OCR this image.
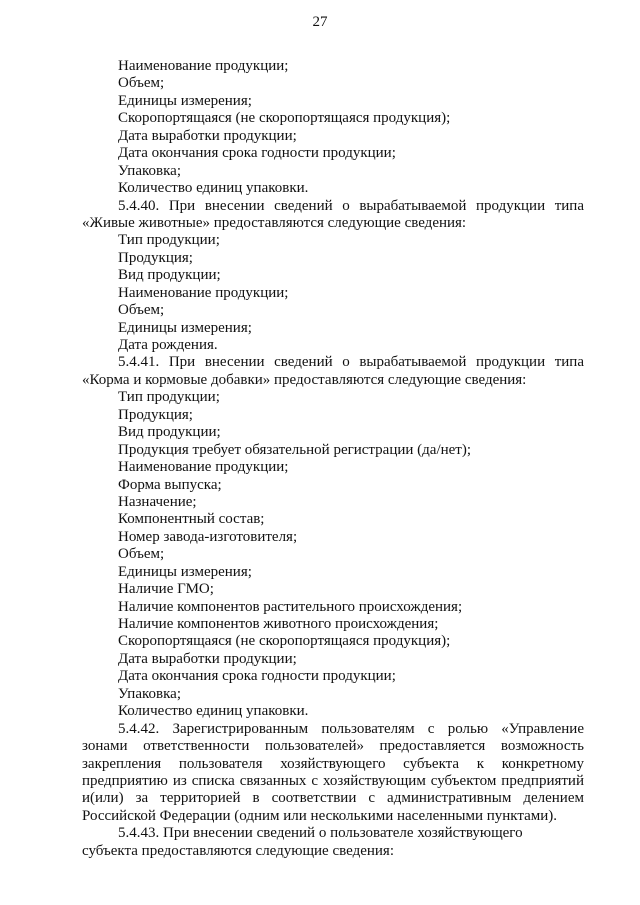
27
Наименование продукции;
Объем;
Единицы измерения;
Скоропортящаяся (не скоропортящаяся продукция);
Дата выработки продукции;
Дата окончания срока годности продукции;
Упаковка;
Количество единиц упаковки.
5.4.40. При внесении сведений о вырабатываемой продукции типа
«Живые животные» предоставляются следующие сведения:
Тип продукции;
Продукция;
Вид продукции;
Наименование продукции;
Объем;
Единицы измерения;
Дата рождения.
5.4.41. При внесении сведений о вырабатываемой продукции типа
«Корма и кормовые добавки» предоставляются следующие сведения:
Тип продукции;
Продукция;
Вид продукции;
Продукция требует обязательной регистрации (да/нет);
Наименование продукции;
Форма выпуска;
Назначение;
Компонентный состав;
Номер завода-изготовителя;
Объем;
Единицы измерения;
Наличие ГМО;
Наличие компонентов растительного происхождения;
Наличие компонентов животного происхождения;
Скоропортящаяся (не скоропортящаяся продукция);
Дата выработки продукции;
Дата окончания срока годности продукции;
Упаковка;
Количество единиц упаковки.
5.4.42. Зарегистрированным пользователям с ролью «Управление
зонами ответственности пользователей» предоставляется возможность
закрепления пользователя хозяйствующего субъекта к конкретному
предприятию из списка связанных с хозяйствующим субъектом предприятий
и(или) за территорией в соответствии с административным делением
Российской Федерации (одним или несколькими населенными пунктами).
5.4.43. При внесении сведений о пользователе хозяйствующего
субъекта предоставляются следующие сведения:
